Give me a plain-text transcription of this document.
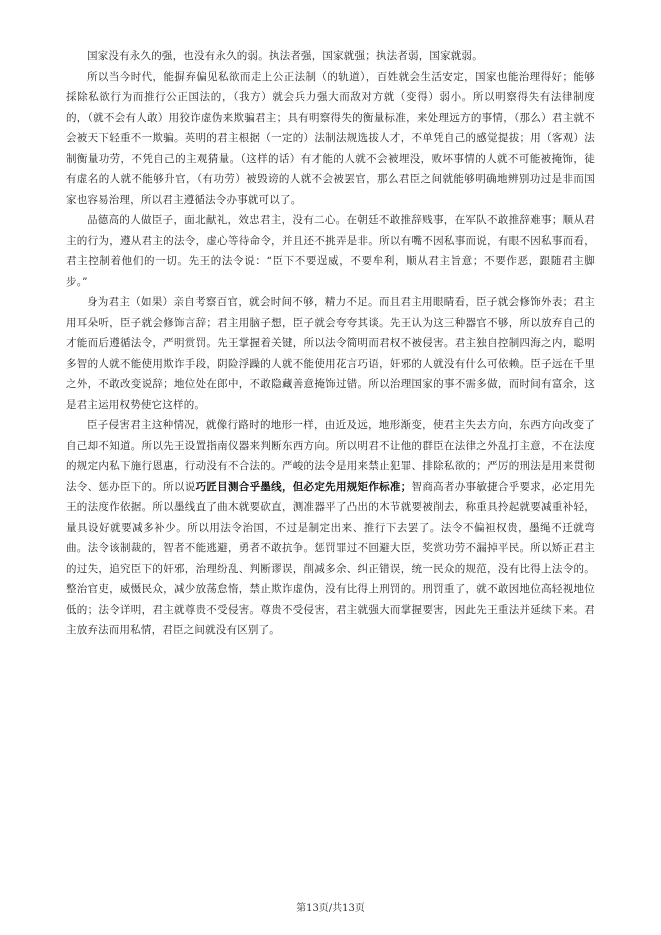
国家没有永久的强，也没有永久的弱。执法者强，国家就强；执法者弱，国家就弱。

所以当今时代，能摒弃偏见私欲而走上公正法制（的轨道），百姓就会生活安定，国家也能治理得好；能够採除私欲行为而推行公正国法的，（我方）就会兵力强大而敌对方就（变得）弱小。所以明察得失有法律制度的，（就不会有人敢）用狡诈虚伪来欺骗君主；具有明察得失的衡量标准，来处理远方的事情，（那么）君主就不会被天下轻重不一欺骗。英明的君主根据（一定的）法制法规选拔人才，不单凭自己的感觉提拔；用（客观）法制衡量功劳，不凭自己的主观猜量。（这样的话）有才能的人就不会被埋没，败坏事情的人就不可能被掩饰，徒有虚名的人就不能够升官，（有功劳）被毁谤的人就不会被罢官，那么君臣之间就能够明确地辨别功过是非而国家也容易治理，所以君主遵循法令办事就可以了。

品德高的人做臣子，面北献礼，效忠君主，没有二心。在朝廷不敢推辞贱事，在军队不敢推辞难事；顺从君主的行为，遵从君主的法令，虚心等待命令，并且还不挑弄是非。所以有嘴不因私事而说，有眼不因私事而看，君主控制着他们的一切。先王的法令说：“臣下不要逞威，不要牟利，顺从君主旨意；不要作恶，跟随君主脚步。”

身为君主（如果）亲自考察百官，就会时间不够，精力不足。而且君主用眼睛看，臣子就会修饰外表；君主用耳朵听，臣子就会修饰言辞；君主用脑子想，臣子就会夸夸其谈。先王认为这三种器官不够，所以放弃自己的才能而后遵循法令，严明赏罚。先王掌握着关键，所以法令简明而君权不被侵害。君主独自控制四海之内，聪明多智的人就不能使用欺诈手段，阴险浮躁的人就不能使用花言巧语，奸邪的人就没有什么可依赖。臣子远在千里之外，不敢改变说辞；地位处在郎中，不敢隐藏善意掩饰过错。所以治理国家的事不需多做，而时间有富余，这是君主运用权势使它这样的。

臣子侵害君主这种情况，就像行路时的地形一样，由近及远，地形渐变，使君主失去方向，东西方向改变了自己却不知道。所以先王设置指南仪器来判断东西方向。所以明君不让他的群臣在法律之外乱打主意，不在法度的规定内私下施行恩惠，行动没有不合法的。严峻的法令是用来禁止犯罪、排除私欲的；严厉的刑法是用来贯彻法令、惩办臣下的。所以说巧匠目测合乎墨线，但必定先用规矩作标准；智商高者办事敏捷合乎要求，必定用先王的法度作依据。所以墨线直了曲木就要砍直，测准器平了凸出的木节就要被削去，称重具拎起就要减重补轻，量具设好就要减多补少。所以用法令治国，不过是制定出来、推行下去罢了。法令不偏袒权贵，墨绳不迁就弯曲。法令该制裁的，智者不能逃避，勇者不敢抗争。惩罚罪过不回避大臣，奖赏功劳不漏掉平民。所以矫正君主的过失，追究臣下的奸邪，治理纷乱、判断谬误，削减多余、纠正错误，统一民众的规范，没有比得上法令的。整治官吏，威慑民众，减少放荡怠惰，禁止欺诈虚伪，没有比得上刑罚的。刑罚重了，就不敢因地位高轻视地位低的；法令详明，君主就尊贵不受侵害。尊贵不受侵害，君主就强大而掌握要害，因此先王重法并延续下来。君主放弃法而用私情，君臣之间就没有区别了。

第13页/共13页
